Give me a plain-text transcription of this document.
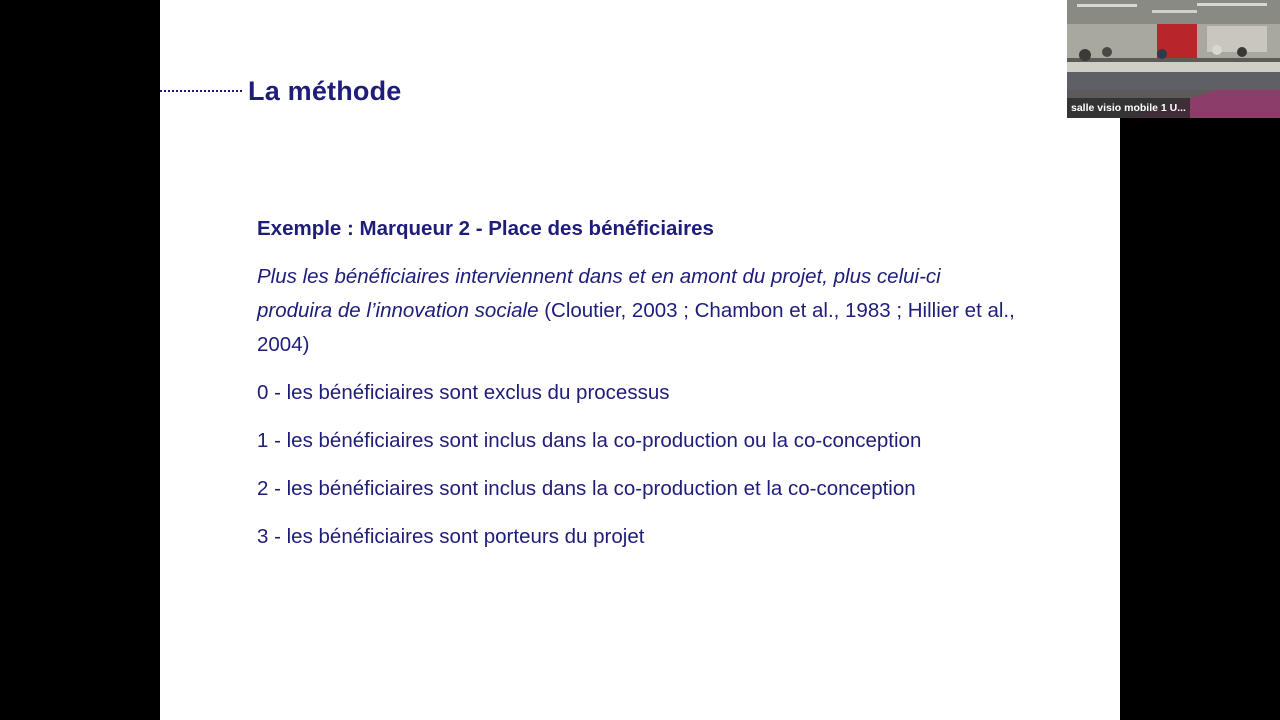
La méthode
Exemple : Marqueur 2 - Place des bénéficiaires
Plus les bénéficiaires interviennent dans et en amont du projet, plus celui-ci produira de l’innovation sociale (Cloutier, 2003 ; Chambon et al., 1983 ; Hillier et al., 2004)
0 - les bénéficiaires sont exclus du processus
1 - les bénéficiaires sont inclus dans la co-production ou la co-conception
2 - les bénéficiaires sont inclus dans la co-production et la co-conception
3 - les bénéficiaires sont porteurs du projet
salle visio mobile 1 U...
